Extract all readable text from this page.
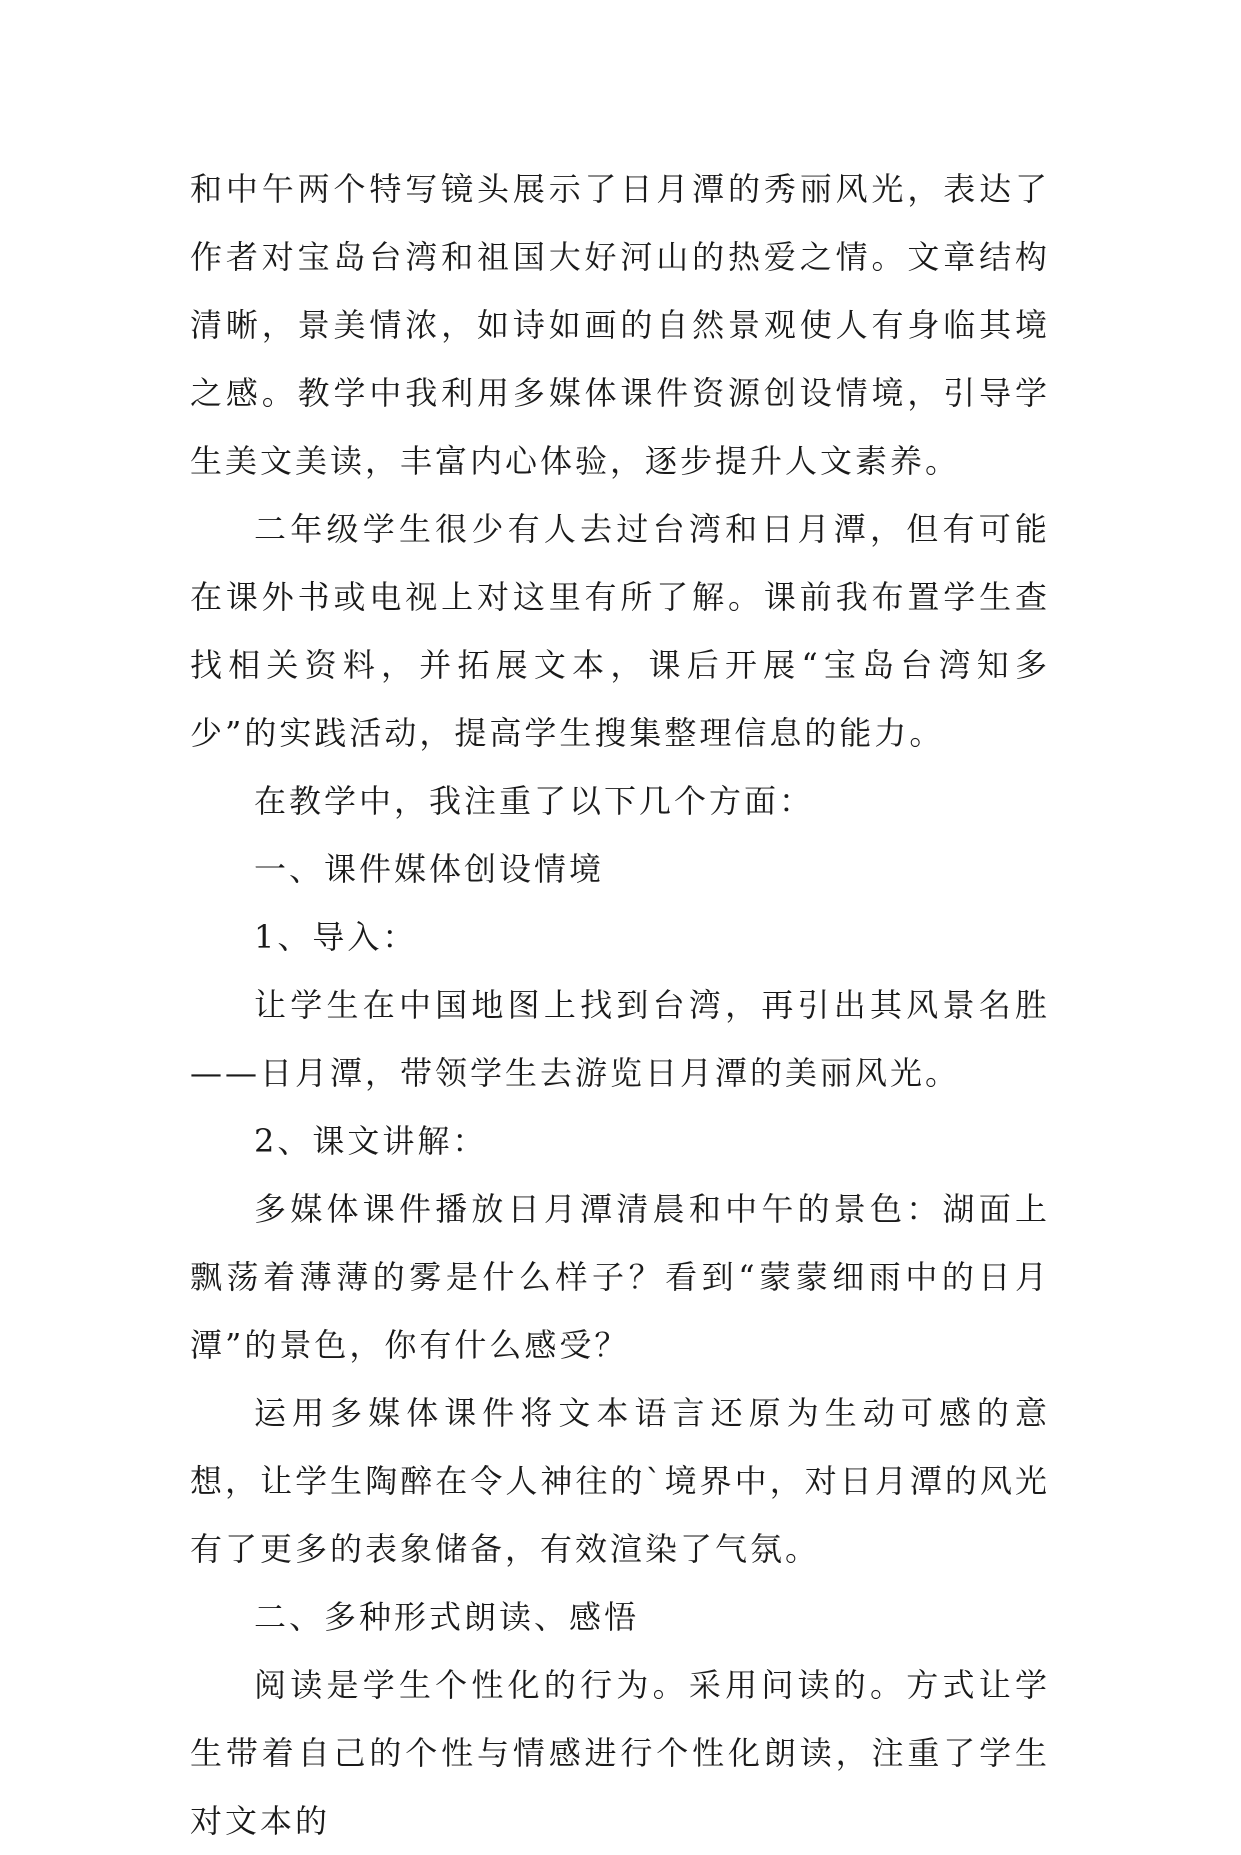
和中午两个特写镜头展示了日月潭的秀丽风光，表达了作者对宝岛台湾和祖国大好河山的热爱之情。文章结构清晰，景美情浓，如诗如画的自然景观使人有身临其境之感。教学中我利用多媒体课件资源创设情境，引导学生美文美读，丰富内心体验，逐步提升人文素养。

二年级学生很少有人去过台湾和日月潭，但有可能在课外书或电视上对这里有所了解。课前我布置学生查找相关资料，并拓展文本，课后开展“宝岛台湾知多少”的实践活动，提高学生搜集整理信息的能力。

在教学中，我注重了以下几个方面：

一、课件媒体创设情境

1、导入：

让学生在中国地图上找到台湾，再引出其风景名胜——日月潭，带领学生去游览日月潭的美丽风光。

2、课文讲解：

多媒体课件播放日月潭清晨和中午的景色：湖面上飘荡着薄薄的雾是什么样子？看到“蒙蒙细雨中的日月潭”的景色，你有什么感受？

运用多媒体课件将文本语言还原为生动可感的意想，让学生陶醉在令人神往的`境界中，对日月潭的风光有了更多的表象储备，有效渲染了气氛。

二、多种形式朗读、感悟

阅读是学生个性化的行为。采用问读的。方式让学生带着自己的个性与情感进行个性化朗读，注重了学生对文本的
